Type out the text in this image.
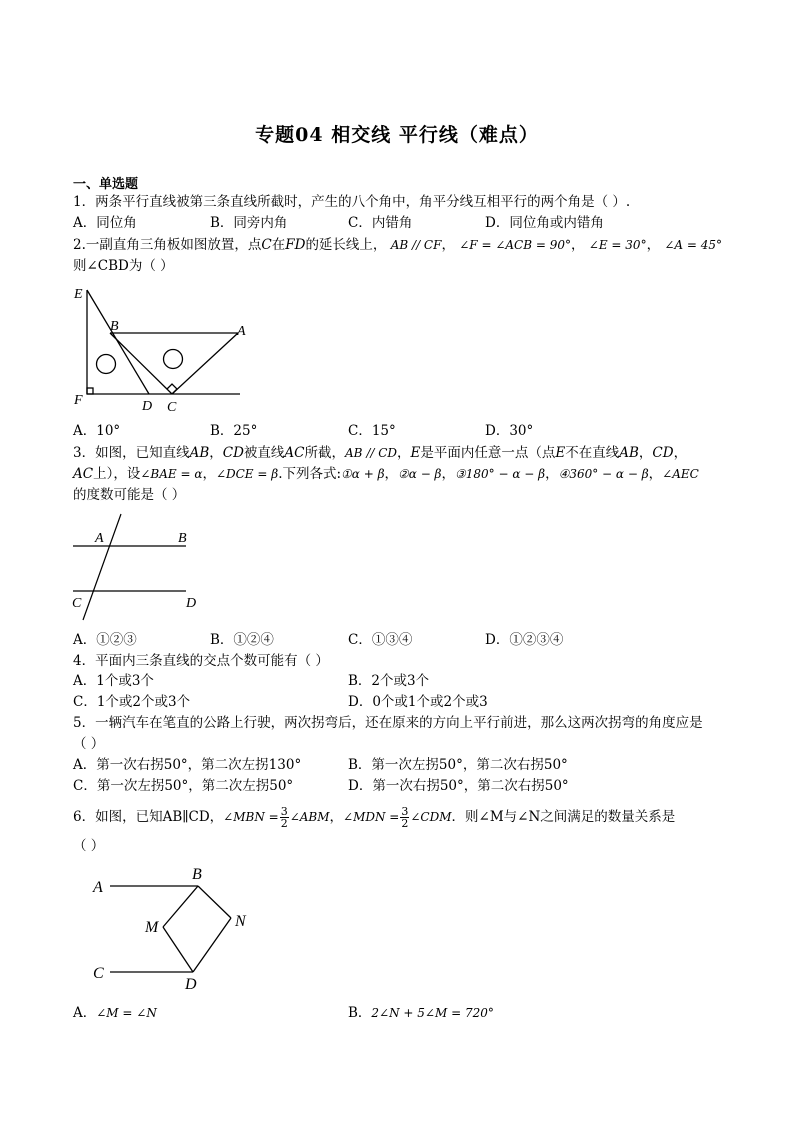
专题04 相交线 平行线（难点）
一、单选题
1．两条平行直线被第三条直线所截时，产生的八个角中，角平分线互相平行的两个角是（ ）.
A．同位角	B．同旁内角	C．内错角	D．同位角或内错角
2.一副直角三角板如图放置，点C在FD的延长线上， AB // CF， ∠F = ∠ACB = 90°， ∠E = 30°， ∠A = 45°
则∠CBD为（ ）
E
B	A
F	D C
A．10°	B．25°	C．15°	D．30°
3．如图，已知直线AB，CD被直线AC所截，AB // CD，E是平面内任意一点（点E不在直线AB，CD，
AC上），设∠BAE = α，∠DCE = β.下列各式:①α + β，②α − β，③180° − α − β，④360° − α − β，∠AEC
的度数可能是（ ）
A	B
C	D
A．①②③	B．①②④	C．①③④	D．①②③④
4．平面内三条直线的交点个数可能有（ ）
A．1个或3个	B．2个或3个
C．1个或2个或3个	D．0个或1个或2个或3
5．一辆汽车在笔直的公路上行驶，两次拐弯后，还在原来的方向上平行前进，那么这两次拐弯的角度应是
（ ）
A．第一次右拐50°，第二次左拐130°	B．第一次左拐50°，第二次右拐50°
C．第一次左拐50°，第二次左拐50°	D．第一次右拐50°，第二次右拐50°
6．如图，已知AB∥CD，∠MBN = $\frac{3}{2}$ ∠ABM，∠MDN = $\frac{3}{2}$ ∠CDM．则∠M与∠N之间满足的数量关系是
（ ）
A
B
M	N
C
D
A．∠M = ∠N	B．2∠N + 5∠M = 720°
